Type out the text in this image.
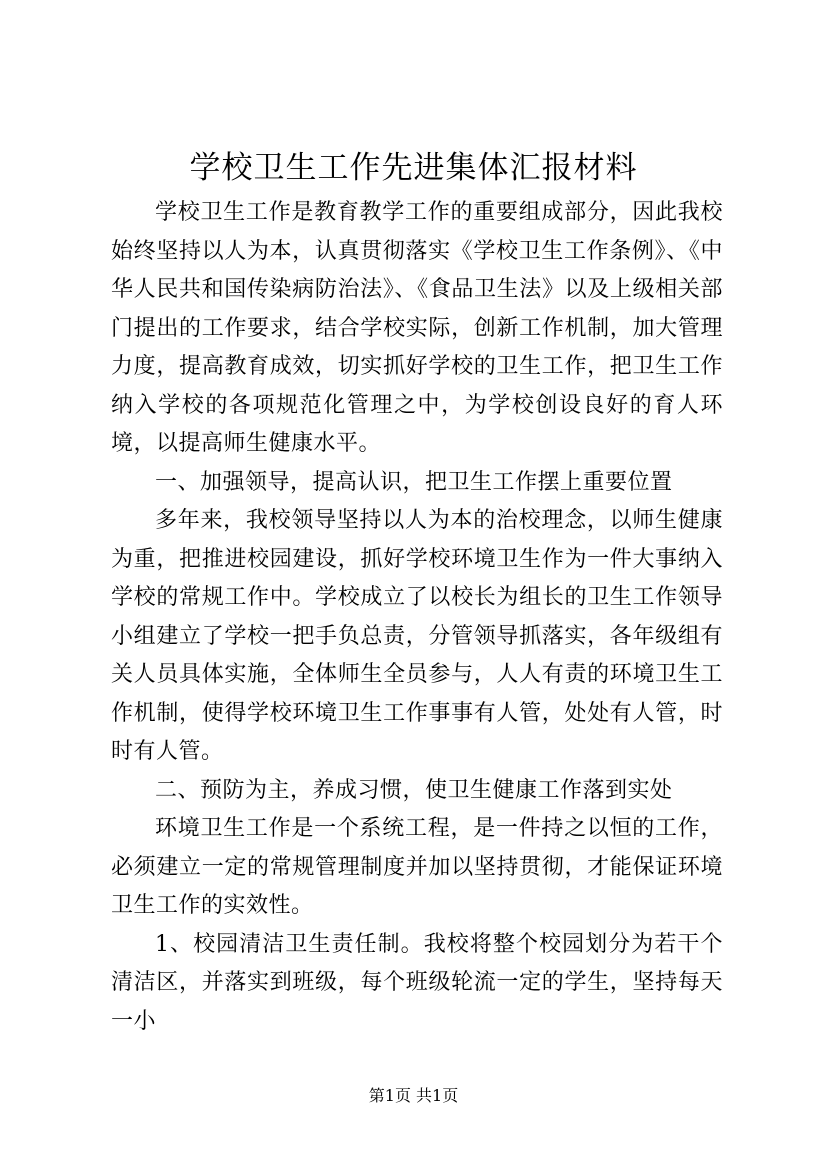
学校卫生工作先进集体汇报材料

学校卫生工作是教育教学工作的重要组成部分，因此我校始终坚持以人为本，认真贯彻落实《学校卫生工作条例》、《中华人民共和国传染病防治法》、《食品卫生法》以及上级相关部门提出的工作要求，结合学校实际，创新工作机制，加大管理力度，提高教育成效，切实抓好学校的卫生工作，把卫生工作纳入学校的各项规范化管理之中，为学校创设良好的育人环境，以提高师生健康水平。

一、加强领导，提高认识，把卫生工作摆上重要位置

多年来，我校领导坚持以人为本的治校理念，以师生健康为重，把推进校园建设，抓好学校环境卫生作为一件大事纳入学校的常规工作中。学校成立了以校长为组长的卫生工作领导小组建立了学校一把手负总责，分管领导抓落实，各年级组有关人员具体实施，全体师生全员参与，人人有责的环境卫生工作机制，使得学校环境卫生工作事事有人管，处处有人管，时时有人管。

二、预防为主，养成习惯，使卫生健康工作落到实处

环境卫生工作是一个系统工程，是一件持之以恒的工作，必须建立一定的常规管理制度并加以坚持贯彻，才能保证环境卫生工作的实效性。

1、校园清洁卫生责任制。我校将整个校园划分为若干个清洁区，并落实到班级，每个班级轮流一定的学生，坚持每天一小

第1页 共1页
